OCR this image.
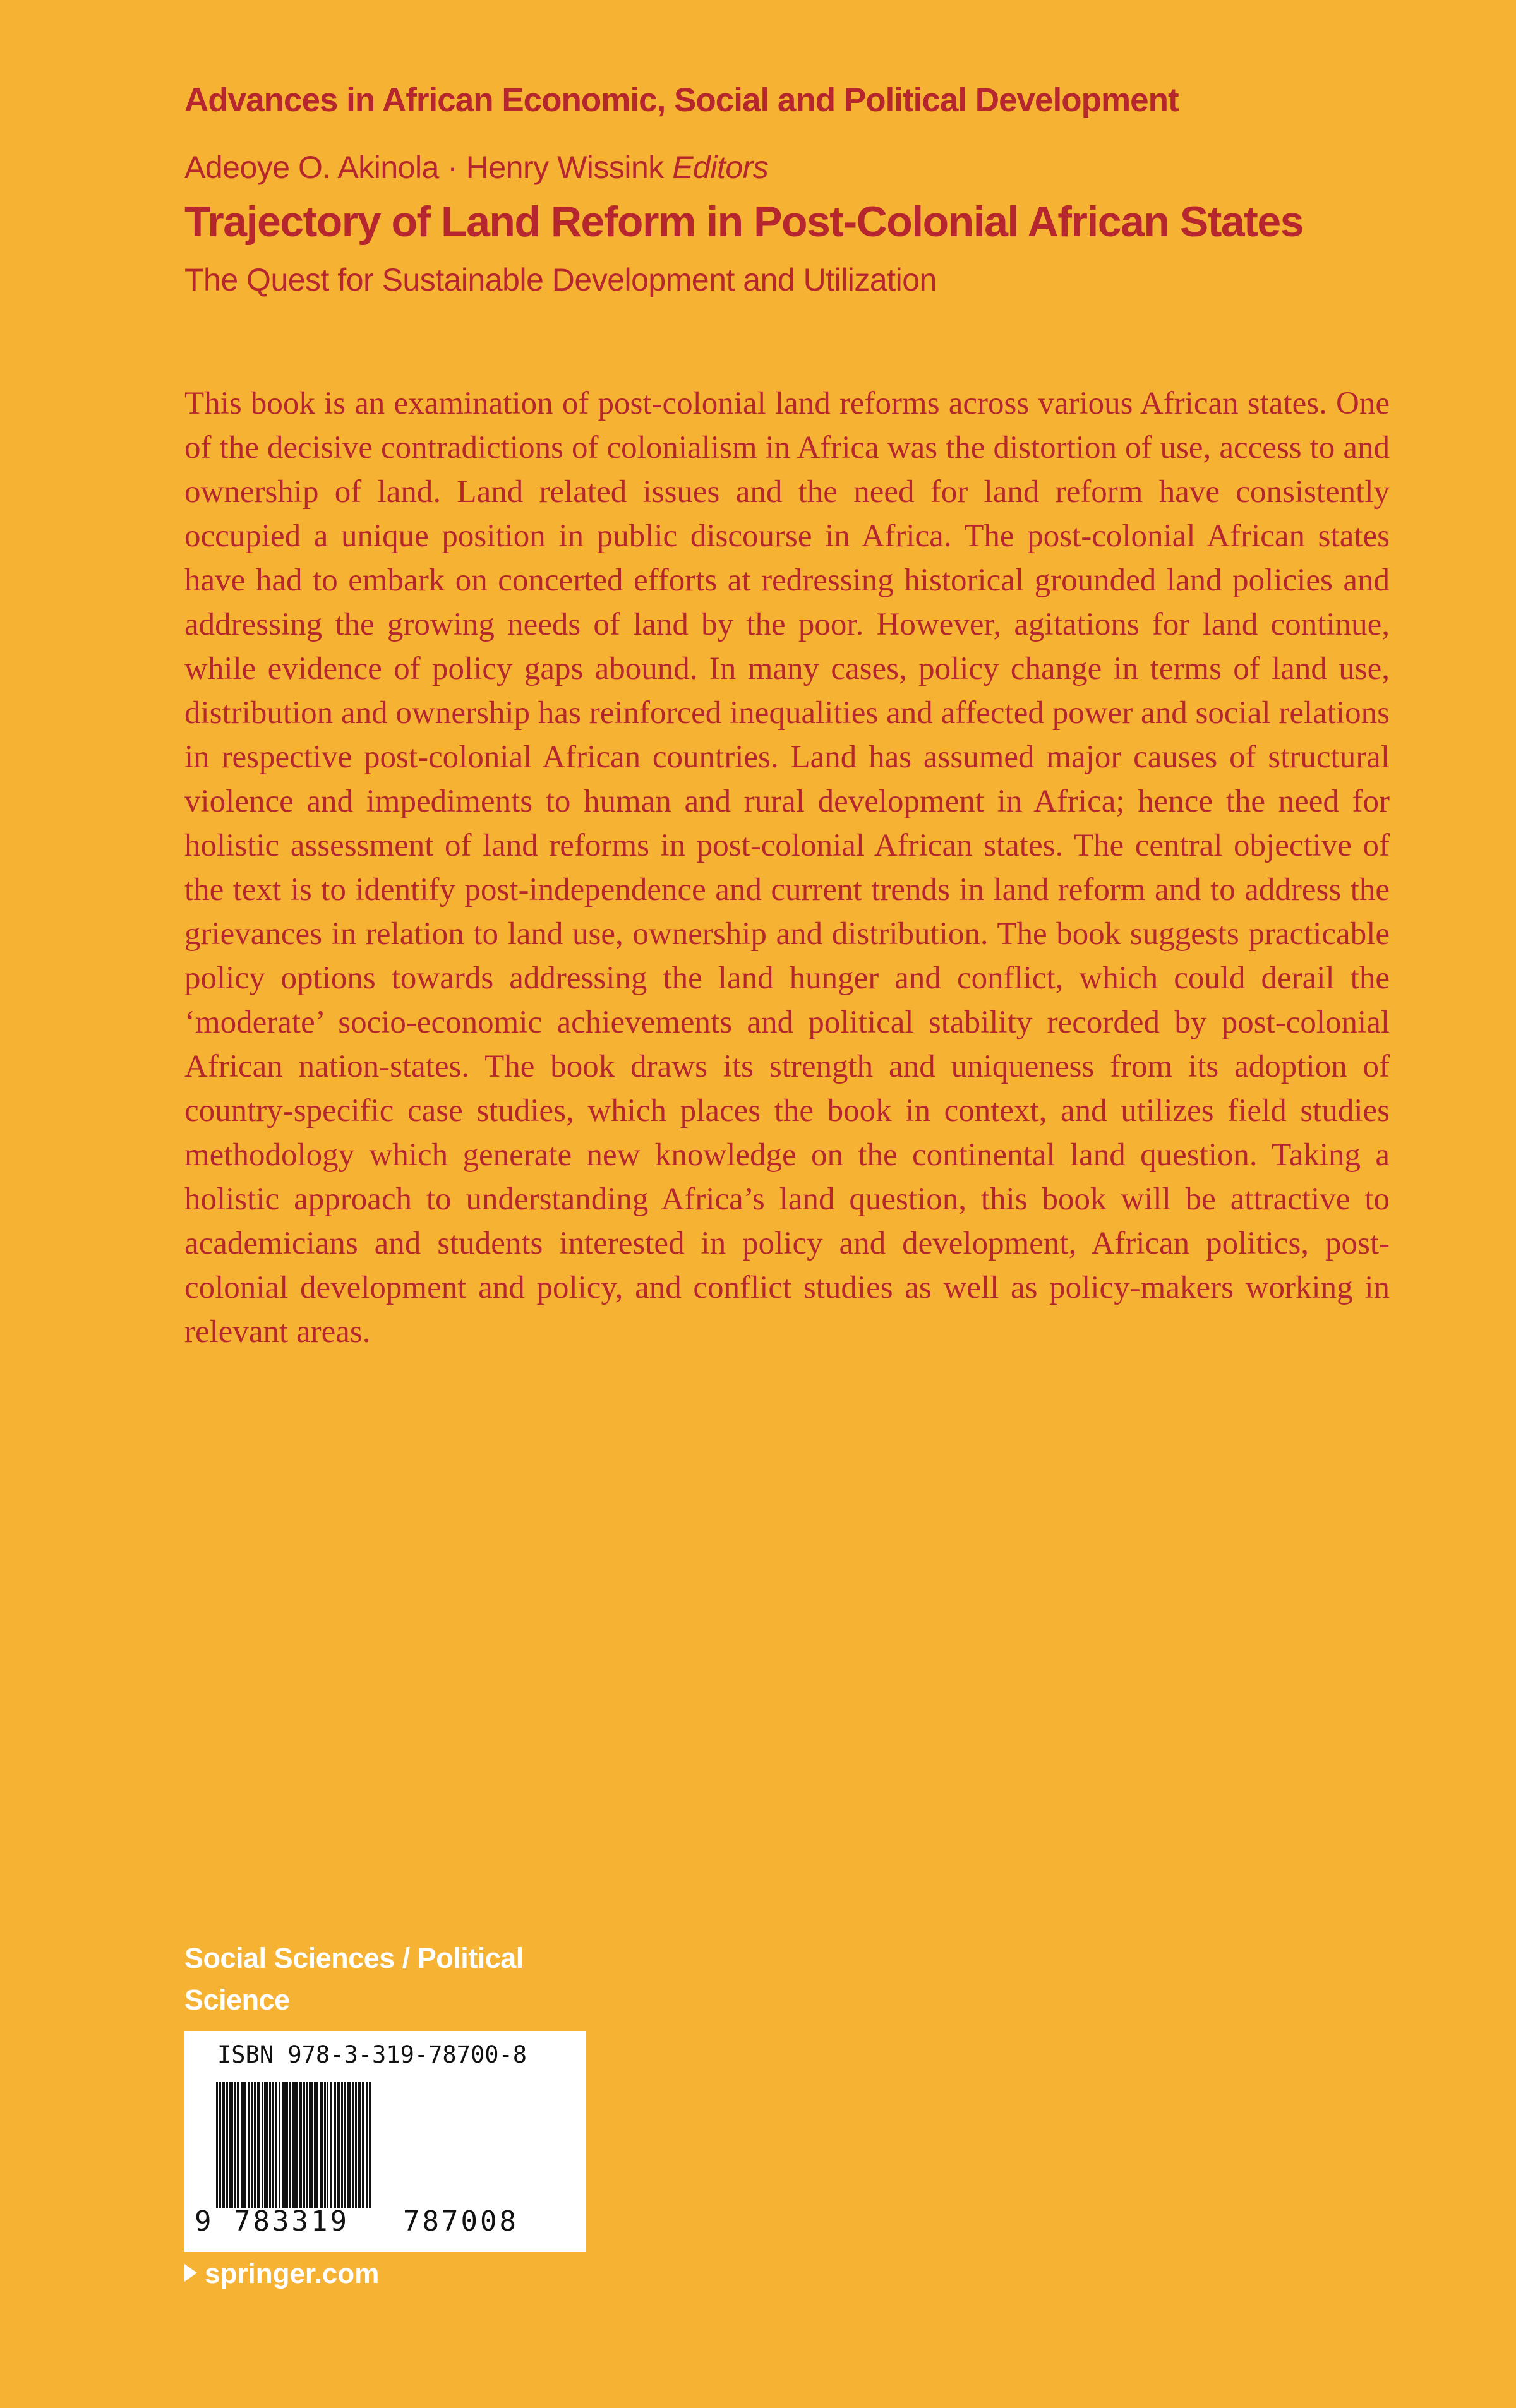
Advances in African Economic, Social and Political Development
Adeoye O. Akinola · Henry Wissink Editors
Trajectory of Land Reform in Post-Colonial African States
The Quest for Sustainable Development and Utilization

This book is an examination of post-colonial land reforms across various African states. One of the decisive contradictions of colonialism in Africa was the distortion of use, access to and ownership of land. Land related issues and the need for land reform have consistently occupied a unique position in public discourse in Africa. The post-colonial African states have had to embark on concerted efforts at redressing historical grounded land policies and addressing the growing needs of land by the poor. However, agitations for land continue, while evidence of policy gaps abound. In many cases, policy change in terms of land use, distribution and ownership has reinforced inequalities and affected power and social relations in respective post-colonial African countries. Land has assumed major causes of structural violence and impediments to human and rural development in Africa; hence the need for holistic assessment of land reforms in post-colonial African states. The central objective of the text is to identify post-independence and current trends in land reform and to address the grievances in relation to land use, ownership and distribution. The book suggests practicable policy options towards addressing the land hunger and conflict, which could derail the ‘moderate’ socio-economic achievements and political stability recorded by post-colonial African nation-states. The book draws its strength and uniqueness from its adoption of country-specific case studies, which places the book in context, and utilizes field studies methodology which generate new knowledge on the continental land question. Taking a holistic approach to understanding Africa’s land question, this book will be attractive to academicians and students interested in policy and development, African politics, post-colonial development and policy, and conflict studies as well as policy-makers working in relevant areas.

Social Sciences / Political Science
ISBN 978-3-319-78700-8
9 783319 787008
springer.com
